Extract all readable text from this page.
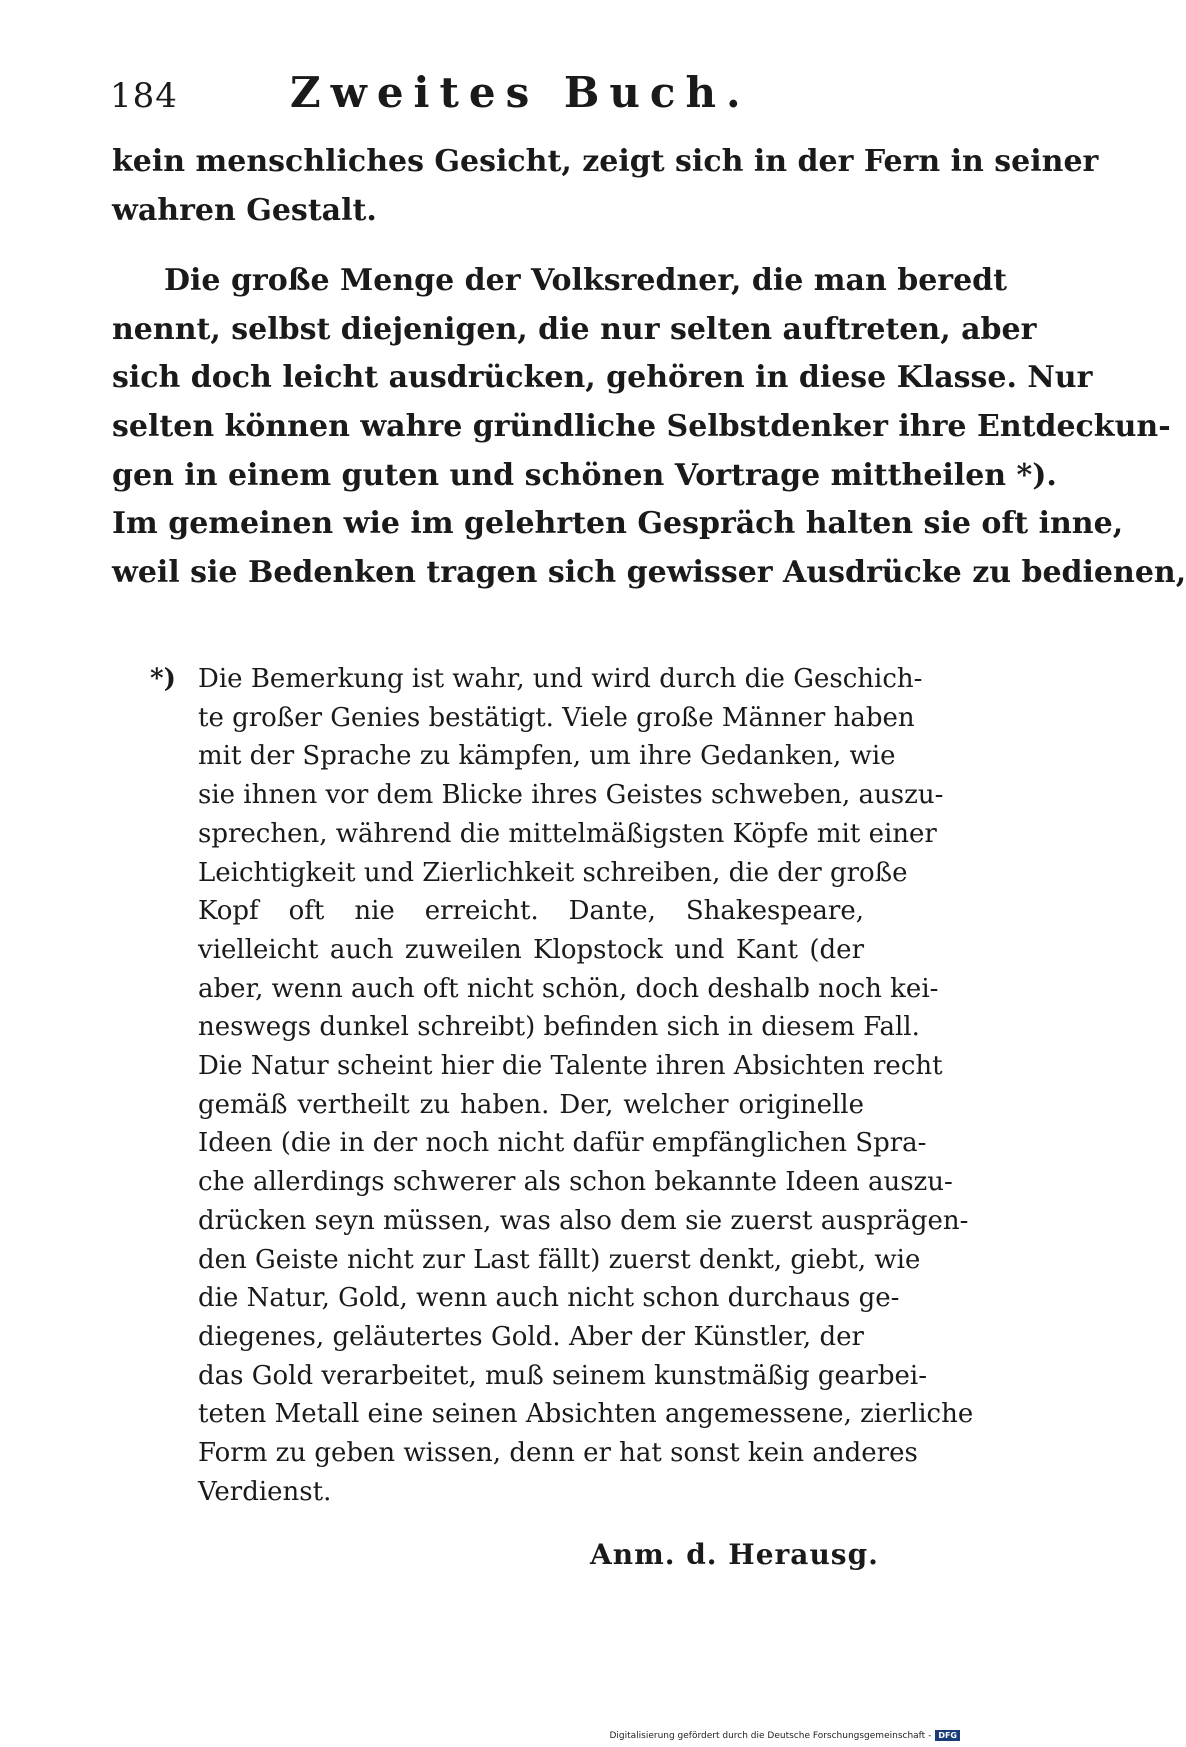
184	Zweites Buch.
kein menschliches Gesicht, zeigt sich in der Fern in seiner
wahren Gestalt.
Die große Menge der Volksredner, die man beredt
nennt, selbst diejenigen, die nur selten auftreten, aber
sich doch leicht ausdrücken, gehören in diese Klasse. Nur
selten können wahre gründliche Selbstdenker ihre Entdeckun-
gen in einem guten und schönen Vortrage mittheilen *).
Im gemeinen wie im gelehrten Gespräch halten sie oft inne,
weil sie Bedenken tragen sich gewisser Ausdrücke zu bedienen,
*) Die Bemerkung ist wahr, und wird durch die Geschich-
te großer Genies bestätigt. Viele große Männer haben
mit der Sprache zu kämpfen, um ihre Gedanken, wie
sie ihnen vor dem Blicke ihres Geistes schweben, auszu-
sprechen, während die mittelmäßigsten Köpfe mit einer
Leichtigkeit und Zierlichkeit schreiben, die der große
Kopf oft nie erreicht. Dante, Shakespeare,
vielleicht auch zuweilen Klopstock und Kant (der
aber, wenn auch oft nicht schön, doch deshalb noch kei-
neswegs dunkel schreibt) befinden sich in diesem Fall.
Die Natur scheint hier die Talente ihren Absichten recht
gemäß vertheilt zu haben. Der, welcher originelle
Ideen (die in der noch nicht dafür empfänglichen Spra-
che allerdings schwerer als schon bekannte Ideen auszu-
drücken seyn müssen, was also dem sie zuerst ausprägen-
den Geiste nicht zur Last fällt) zuerst denkt, giebt, wie
die Natur, Gold, wenn auch nicht schon durchaus ge-
diegenes, geläutertes Gold. Aber der Künstler, der
das Gold verarbeitet, muß seinem kunstmäßig gearbei-
teten Metall eine seinen Absichten angemessene, zierliche
Form zu geben wissen, denn er hat sonst kein anderes
Verdienst.
Anm. d. Herausg.
Digitalisierung gefördert durch die Deutsche Forschungsgemeinschaft - DFG
